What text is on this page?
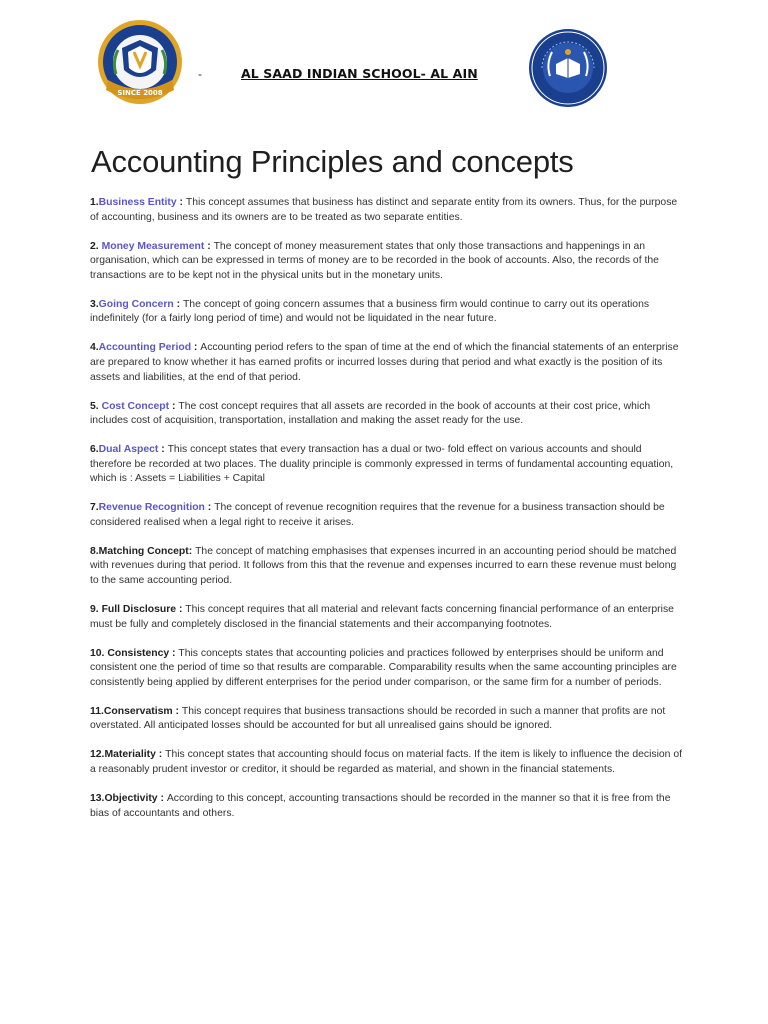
SINCE 2008
-	AL SAAD INDIAN SCHOOL- AL AIN
Accounting Principles and concepts
1.Business Entity : This concept assumes that business has distinct and separate entity from its owners. Thus, for the purpose of accounting, business and its owners are to be treated as two separate entities.
2. Money Measurement : The concept of money measurement states that only those transactions and happenings in an organisation, which can be expressed in terms of money are to be recorded in the book of accounts. Also, the records of the transactions are to be kept not in the physical units but in the monetary units.
3.Going Concern : The concept of going concern assumes that a business firm would continue to carry out its operations indefinitely (for a fairly long period of time) and would not be liquidated in the near future.
4.Accounting Period : Accounting period refers to the span of time at the end of which the financial statements of an enterprise are prepared to know whether it has earned profits or incurred losses during that period and what exactly is the position of its assets and liabilities, at the end of that period.
5. Cost Concept : The cost concept requires that all assets are recorded in the book of accounts at their cost price, which includes cost of acquisition, transportation, installation and making the asset ready for the use.
6.Dual Aspect : This concept states that every transaction has a dual or two- fold effect on various accounts and should therefore be recorded at two places. The duality principle is commonly expressed in terms of fundamental accounting equation, which is : Assets = Liabilities + Capital
7.Revenue Recognition : The concept of revenue recognition requires that the revenue for a business transaction should be considered realised when a legal right to receive it arises.
8.Matching Concept: The concept of matching emphasises that expenses incurred in an accounting period should be matched with revenues during that period. It follows from this that the revenue and expenses incurred to earn these revenue must belong to the same accounting period.
9. Full Disclosure : This concept requires that all material and relevant facts concerning financial performance of an enterprise must be fully and completely disclosed in the financial statements and their accompanying footnotes.
10. Consistency : This concepts states that accounting policies and practices followed by enterprises should be uniform and consistent one the period of time so that results are comparable. Comparability results when the same accounting principles are consistently being applied by different enterprises for the period under comparison, or the same firm for a number of periods.
11.Conservatism : This concept requires that business transactions should be recorded in such a manner that profits are not overstated. All anticipated losses should be accounted for but all unrealised gains should be ignored.
12.Materiality : This concept states that accounting should focus on material facts. If the item is likely to influence the decision of a reasonably prudent investor or creditor, it should be regarded as material, and shown in the financial statements.
13.Objectivity : According to this concept, accounting transactions should be recorded in the manner so that it is free from the bias of accountants and others.
